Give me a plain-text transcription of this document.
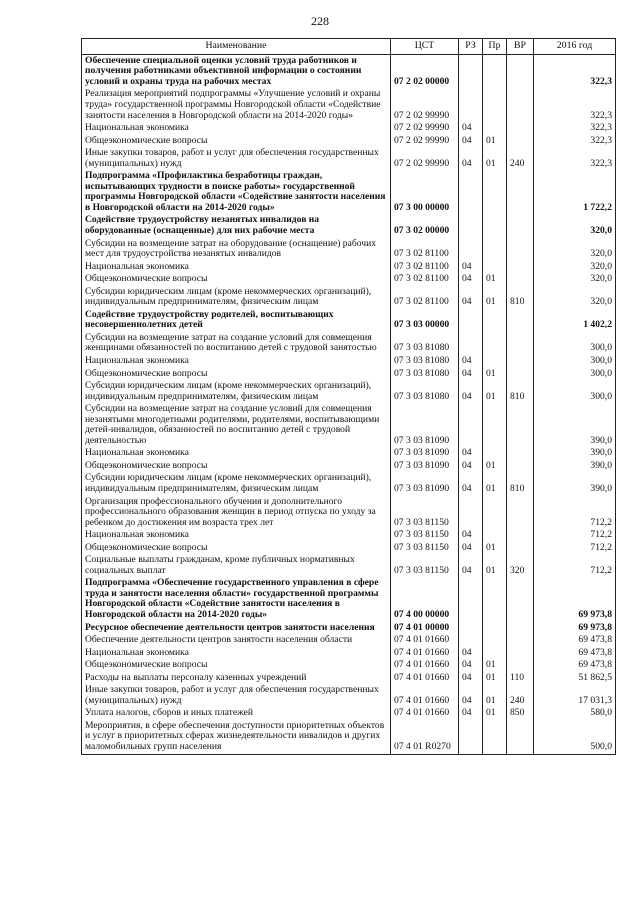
228
Наименование	ЦСТ	РЗ	Пр	ВР	2016 год
Обеспечение специальной оценки условий труда работников и получения работниками объективной информации о состоянии условий и охраны труда на рабочих местах	07 2 02 00000				322,3
Реализация мероприятий подпрограммы «Улучшение условий и охраны труда» государственной программы Новгородской области «Содействие занятости населения в Новгородской области на 2014-2020 годы»	07 2 02 99990				322,3
Национальная экономика	07 2 02 99990	04			322,3
Общеэкономические вопросы	07 2 02 99990	04	01		322,3
Иные закупки товаров, работ и услуг для обеспечения государственных (муниципальных) нужд	07 2 02 99990	04	01	240	322,3
Подпрограмма «Профилактика безработицы граждан, испытывающих трудности в поиске работы» государственной программы Новгородской области «Содействие занятости населения в Новгородской области на 2014-2020 годы»	07 3 00 00000				1 722,2
Содействие трудоустройству незанятых инвалидов на оборудованные (оснащенные) для них рабочие места	07 3 02 00000				320,0
Субсидии на возмещение затрат на оборудование (оснащение) рабочих мест для трудоустройства незанятых инвалидов	07 3 02 81100				320,0
Национальная экономика	07 3 02 81100	04			320,0
Общеэкономические вопросы	07 3 02 81100	04	01		320,0
Субсидии юридическим лицам (кроме некоммерческих организаций), индивидуальным предпринимателям, физическим лицам	07 3 02 81100	04	01	810	320,0
Содействие трудоустройству родителей, воспитывающих несовершеннолетних детей	07 3 03 00000				1 402,2
Субсидии на возмещение затрат на создание условий для совмещения женщинами обязанностей по воспитанию детей с трудовой занятостью	07 3 03 81080				300,0
Национальная экономика	07 3 03 81080	04			300,0
Общеэкономические вопросы	07 3 03 81080	04	01		300,0
Субсидии юридическим лицам (кроме некоммерческих организаций), индивидуальным предпринимателям, физическим лицам	07 3 03 81080	04	01	810	300,0
Субсидии на возмещение затрат на создание условий для совмещения незанятыми многодетными родителями, родителями, воспитывающими детей-инвалидов, обязанностей по воспитанию детей с трудовой деятельностью	07 3 03 81090				390,0
Национальная экономика	07 3 03 81090	04			390,0
Общеэкономические вопросы	07 3 03 81090	04	01		390,0
Субсидии юридическим лицам (кроме некоммерческих организаций), индивидуальным предпринимателям, физическим лицам	07 3 03 81090	04	01	810	390,0
Организация профессионального обучения и дополнительного профессионального образования женщин в период отпуска по уходу за ребенком до достижения им возраста трех лет	07 3 03 81150				712,2
Национальная экономика	07 3 03 81150	04			712,2
Общеэкономические вопросы	07 3 03 81150	04	01		712,2
Социальные выплаты гражданам, кроме публичных нормативных социальных выплат	07 3 03 81150	04	01	320	712,2
Подпрограмма «Обеспечение государственного управления в сфере труда и занятости населения области» государственной программы Новгородской области «Содействие занятости населения в Новгородской области на 2014-2020 годы»	07 4 00 00000				69 973,8
Ресурсное обеспечение деятельности центров занятости населения	07 4 01 00000				69 973,8
Обеспечение деятельности центров занятости населения области	07 4 01 01660				69 473,8
Национальная экономика	07 4 01 01660	04			69 473,8
Общеэкономические вопросы	07 4 01 01660	04	01		69 473,8
Расходы на выплаты персоналу казенных учреждений	07 4 01 01660	04	01	110	51 862,5
Иные закупки товаров, работ и услуг для обеспечения государственных (муниципальных) нужд	07 4 01 01660	04	01	240	17 031,3
Уплата налогов, сборов и иных платежей	07 4 01 01660	04	01	850	580,0
Мероприятия, в сфере обеспечения доступности приоритетных объектов и услуг в приоритетных сферах жизнедеятельности инвалидов и других маломобильных групп населения	07 4 01 R0270				500,0
